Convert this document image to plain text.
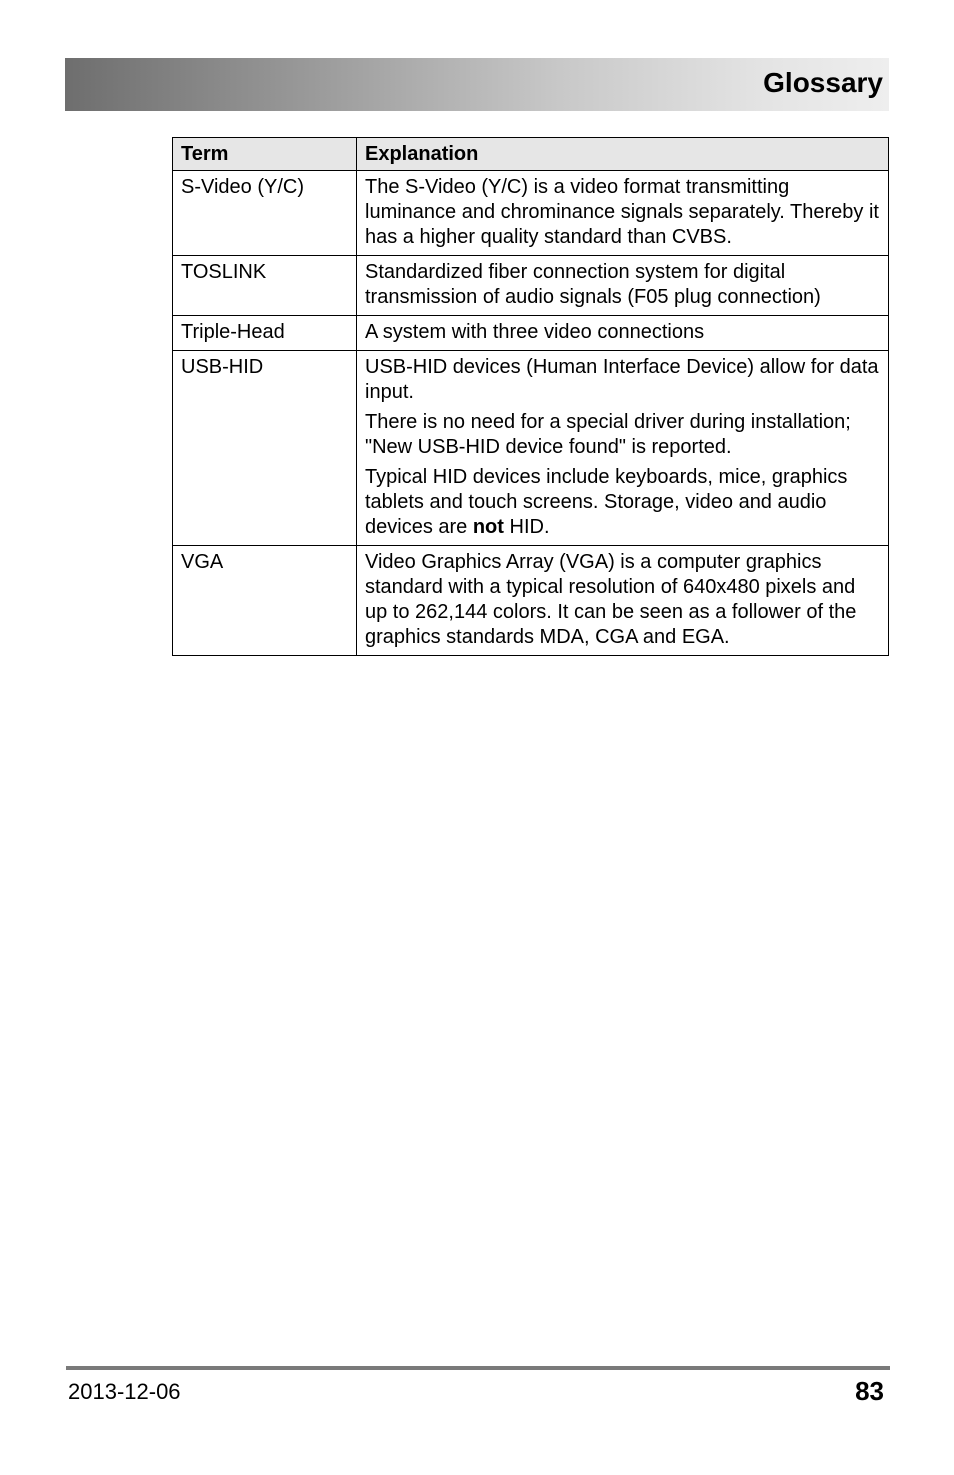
Glossary
Term	Explanation
S-Video (Y/C)	The S-Video (Y/C) is a video format transmitting luminance and chrominance signals separately. Thereby it has a higher quality standard than CVBS.

TOSLINK	Standardized fiber connection system for digital transmission of audio signals (F05 plug connection)

Triple-Head	A system with three video connections

USB-HID	USB-HID devices (Human Interface Device) allow for data input.

There is no need for a special driver during installation; "New USB-HID device found" is reported.

Typical HID devices include keyboards, mice, graphics tablets and touch screens. Storage, video and audio devices are not HID.

VGA	Video Graphics Array (VGA) is a computer graphics standard with a typical resolution of 640x480 pixels and up to 262,144 colors. It can be seen as a follower of the graphics standards MDA, CGA and EGA.

2013-12-06	83
